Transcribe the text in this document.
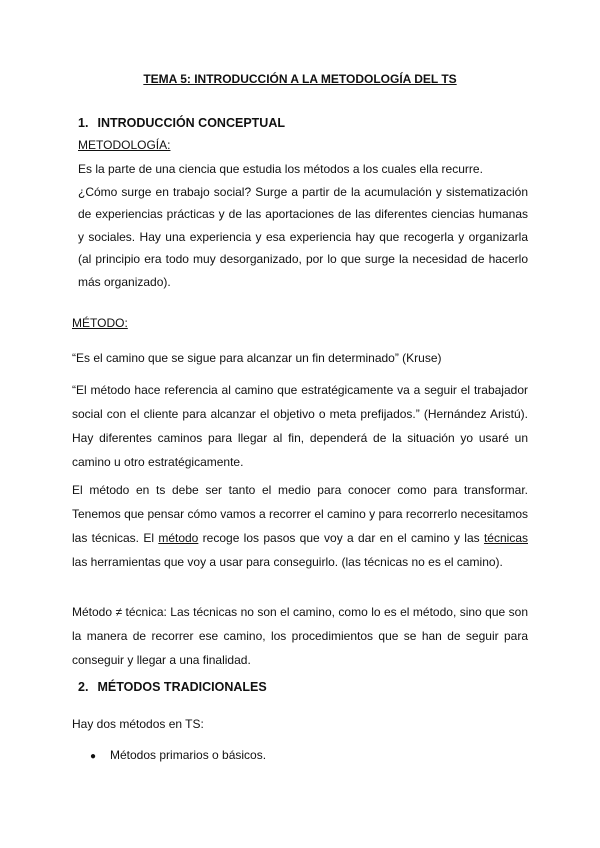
TEMA 5: INTRODUCCIÓN A LA METODOLOGÍA DEL TS
1. INTRODUCCIÓN CONCEPTUAL
METODOLOGÍA:
Es la parte de una ciencia que estudia los métodos a los cuales ella recurre.
¿Cómo surge en trabajo social? Surge a partir de la acumulación y sistematización de experiencias prácticas y de las aportaciones de las diferentes ciencias humanas y sociales. Hay una experiencia y esa experiencia hay que recogerla y organizarla (al principio era todo muy desorganizado, por lo que surge la necesidad de hacerlo más organizado).
MÉTODO:
“Es el camino que se sigue para alcanzar un fin determinado” (Kruse)
“El método hace referencia al camino que estratégicamente va a seguir el trabajador social con el cliente para alcanzar el objetivo o meta prefijados.” (Hernández Aristú). Hay diferentes caminos para llegar al fin, dependerá de la situación yo usaré un camino u otro estratégicamente.
El método en ts debe ser tanto el medio para conocer como para transformar. Tenemos que pensar cómo vamos a recorrer el camino y para recorrerlo necesitamos las técnicas. El método recoge los pasos que voy a dar en el camino y las técnicas las herramientas que voy a usar para conseguirlo. (las técnicas no es el camino).
Método ≠ técnica: Las técnicas no son el camino, como lo es el método, sino que son la manera de recorrer ese camino, los procedimientos que se han de seguir para conseguir y llegar a una finalidad.
2. MÉTODOS TRADICIONALES
Hay dos métodos en TS:
● Métodos primarios o básicos.
